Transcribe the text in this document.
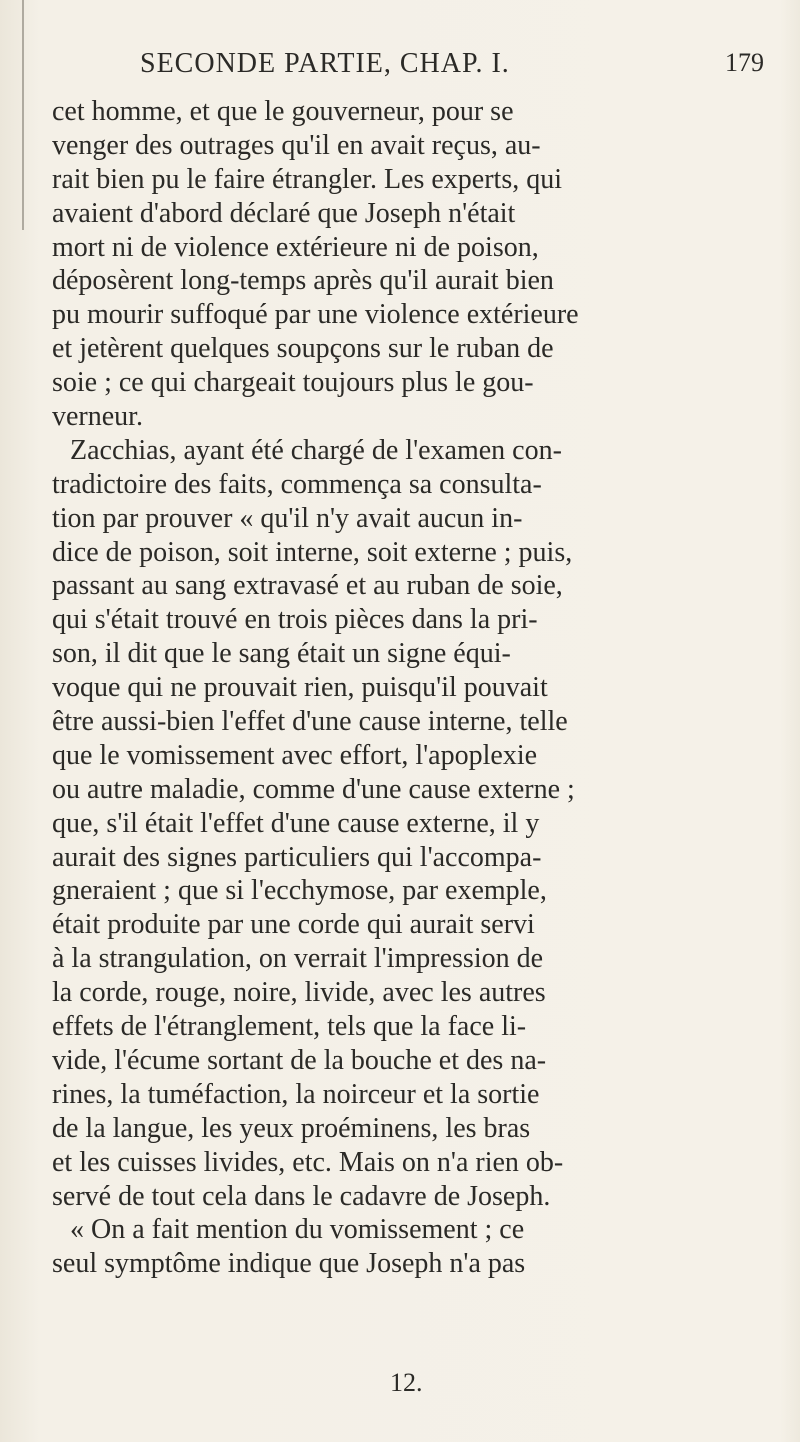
SECONDE PARTIE, CHAP. I.	179
cet homme, et que le gouverneur, pour se
venger des outrages qu'il en avait reçus, au-
rait bien pu le faire étrangler. Les experts, qui
avaient d'abord déclaré que Joseph n'était
mort ni de violence extérieure ni de poison,
déposèrent long-temps après qu'il aurait bien
pu mourir suffoqué par une violence extérieure
et jetèrent quelques soupçons sur le ruban de
soie ; ce qui chargeait toujours plus le gou-
verneur.
Zacchias, ayant été chargé de l'examen con-
tradictoire des faits, commença sa consulta-
tion par prouver « qu'il n'y avait aucun in-
dice de poison, soit interne, soit externe ; puis,
passant au sang extravasé et au ruban de soie,
qui s'était trouvé en trois pièces dans la pri-
son, il dit que le sang était un signe équi-
voque qui ne prouvait rien, puisqu'il pouvait
être aussi-bien l'effet d'une cause interne, telle
que le vomissement avec effort, l'apoplexie
ou autre maladie, comme d'une cause externe ;
que, s'il était l'effet d'une cause externe, il y
aurait des signes particuliers qui l'accompa-
gneraient ; que si l'ecchymose, par exemple,
était produite par une corde qui aurait servi
à la strangulation, on verrait l'impression de
la corde, rouge, noire, livide, avec les autres
effets de l'étranglement, tels que la face li-
vide, l'écume sortant de la bouche et des na-
rines, la tuméfaction, la noirceur et la sortie
de la langue, les yeux proéminens, les bras
et les cuisses livides, etc. Mais on n'a rien ob-
servé de tout cela dans le cadavre de Joseph.
« On a fait mention du vomissement ; ce
seul symptôme indique que Joseph n'a pas
12.
